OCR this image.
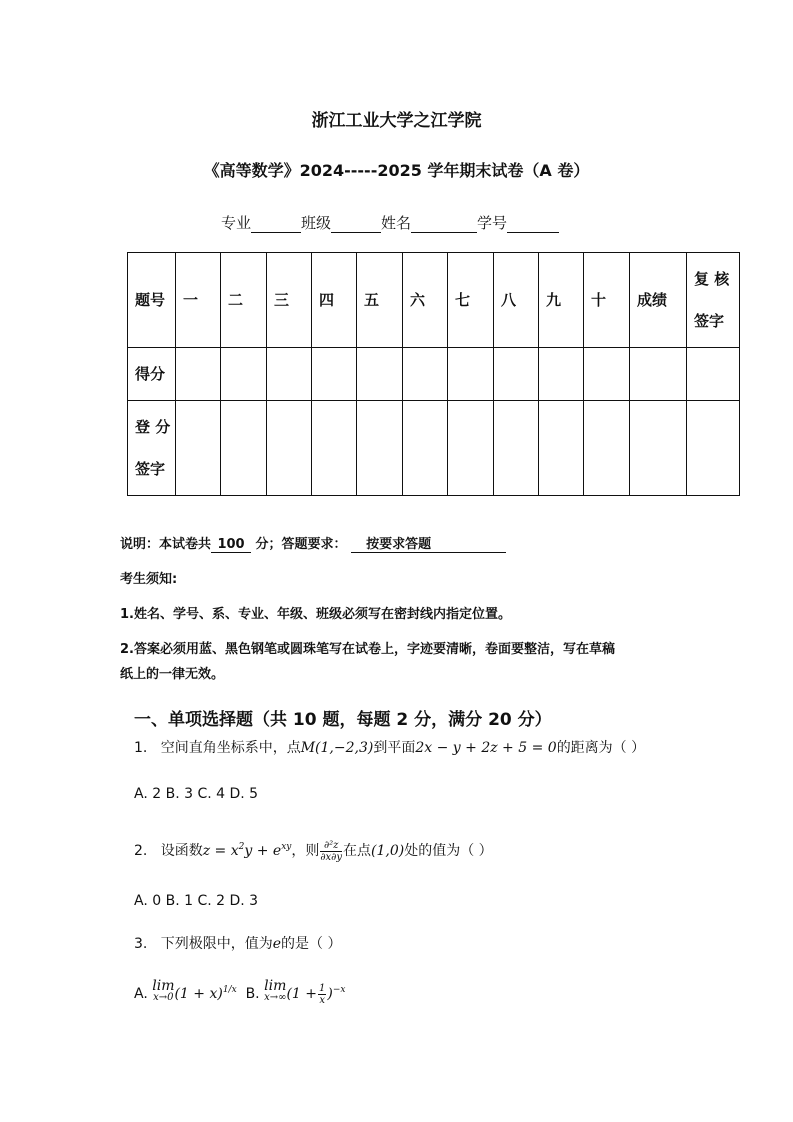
浙江工业大学之江学院
《高等数学》2024-----2025 学年期末试卷（A 卷）
专业	班级	姓名	学号
题号	一	二	三	四	五	六	七	八	九	十	成绩	复 核
签字

得分												

登 分
签字												

说明：本试卷共 100 分；答题要求： 按要求答题
考生须知:
1.姓名、学号、系、专业、年级、班级必须写在密封线内指定位置。
2.答案必须用蓝、黑色钢笔或圆珠笔写在试卷上，字迹要清晰，卷面要整洁，写在草稿
纸上的一律无效。
一、单项选择题（共 10 题，每题 2 分，满分 20 分）
1. 空间直角坐标系中，点M(1,−2,3)到平面2x − y + 2z + 5 = 0的距离为（ ）
A. 2 B. 3 C. 4 D. 5
2. 设函数$z = x^2y + e^{xy}$，则 $\frac{\text{∂²z}}{\partial x\partial y}$在点(1,0)处的值为（ ）
A. 0 B. 1 C. 2 D. 3
3. 下列极限中，值为e的是（ ）
A. lim
x→0 $(1 + x)^{1/x}$ B. lim
x→∞ $(1 + \frac{1}{x})^{-x}$
